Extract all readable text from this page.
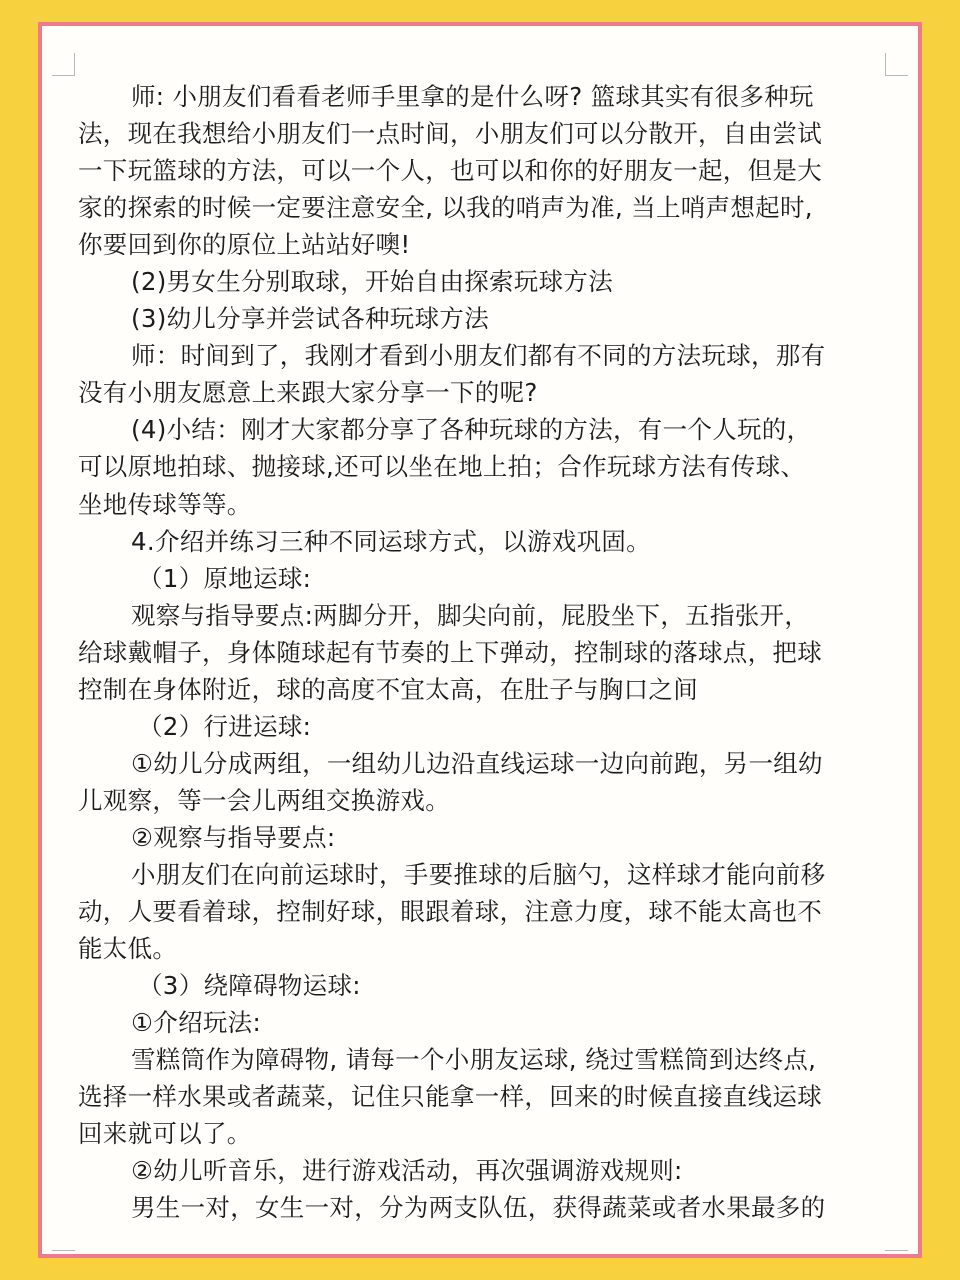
师: 小朋友们看看老师手里拿的是什么呀? 篮球其实有很多种玩
法，现在我想给小朋友们一点时间，小朋友们可以分散开，自由尝试
一下玩篮球的方法，可以一个人，也可以和你的好朋友一起，但是大
家的探索的时候一定要注意安全, 以我的哨声为准, 当上哨声想起时,
你要回到你的原位上站站好噢!
(2)男女生分别取球，开始自由探索玩球方法
(3)幼儿分享并尝试各种玩球方法
师：时间到了，我刚才看到小朋友们都有不同的方法玩球，那有
没有小朋友愿意上来跟大家分享一下的呢?
(4)小结：刚才大家都分享了各种玩球的方法，有一个人玩的，
可以原地拍球、抛接球,还可以坐在地上拍；合作玩球方法有传球、
坐地传球等等。
4.介绍并练习三种不同运球方式，以游戏巩固。
（1）原地运球:
观察与指导要点:两脚分开，脚尖向前，屁股坐下，五指张开，
给球戴帽子，身体随球起有节奏的上下弹动，控制球的落球点，把球
控制在身体附近，球的高度不宜太高，在肚子与胸口之间
（2）行进运球:
①幼儿分成两组，一组幼儿边沿直线运球一边向前跑，另一组幼
儿观察，等一会儿两组交换游戏。
②观察与指导要点:
小朋友们在向前运球时，手要推球的后脑勺，这样球才能向前移
动，人要看着球，控制好球，眼跟着球，注意力度，球不能太高也不
能太低。
（3）绕障碍物运球:
①介绍玩法:
雪糕筒作为障碍物, 请每一个小朋友运球, 绕过雪糕筒到达终点,
选择一样水果或者蔬菜，记住只能拿一样，回来的时候直接直线运球
回来就可以了。
②幼儿听音乐，进行游戏活动，再次强调游戏规则:
男生一对，女生一对，分为两支队伍，获得蔬菜或者水果最多的
